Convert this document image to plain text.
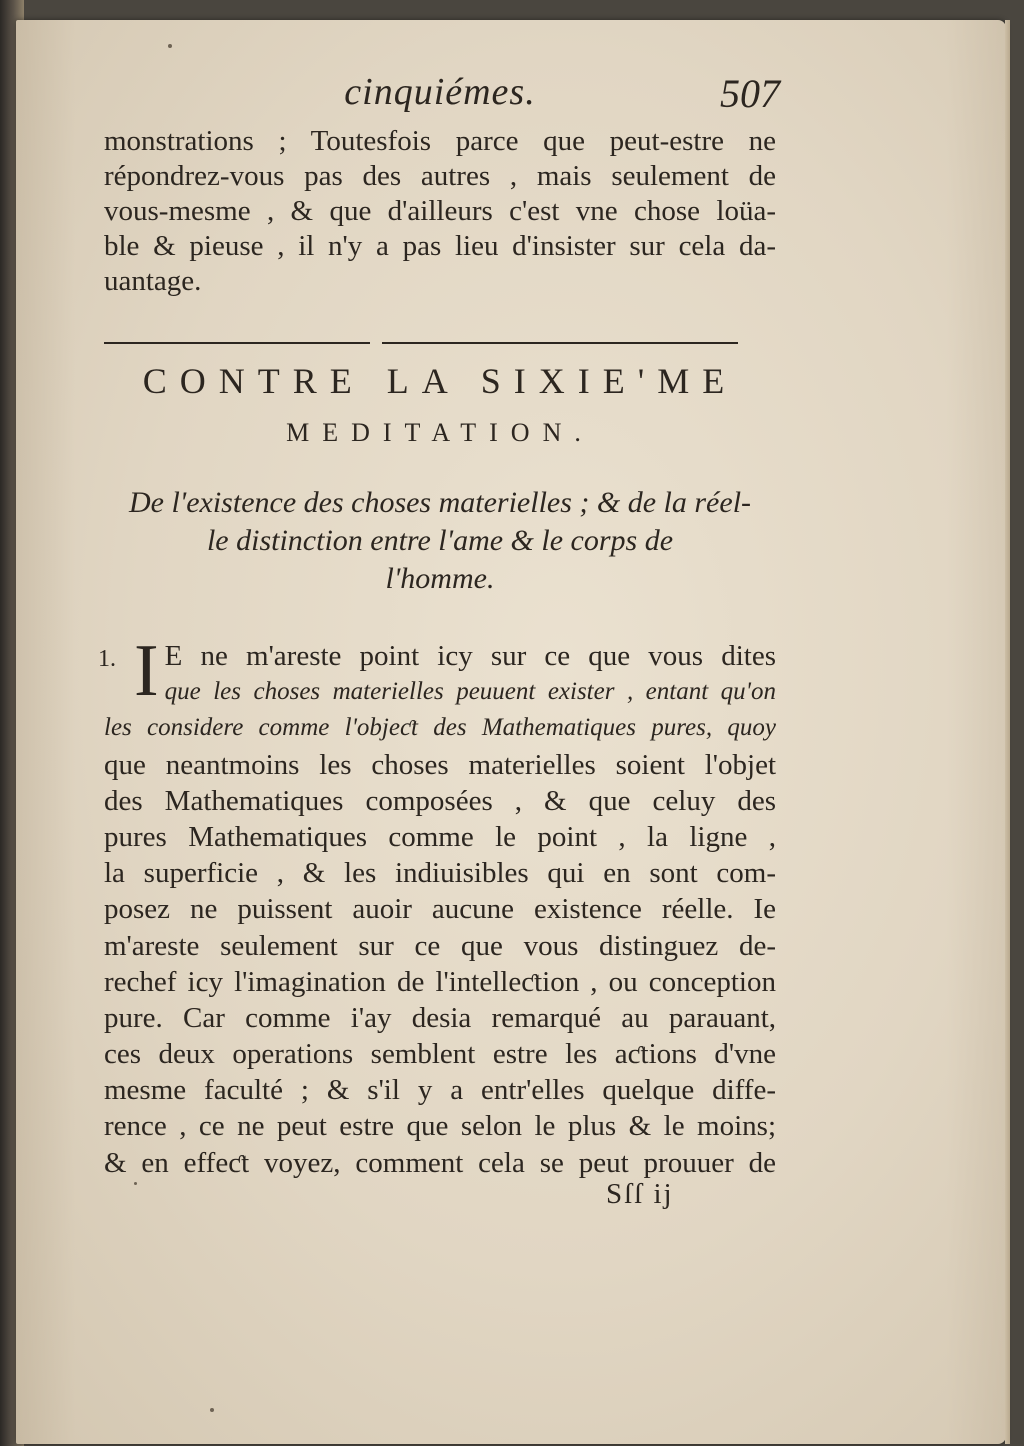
cinquiémes.	507
monstrations ; Toutesfois parce que peut-estre ne
répondrez-vous pas des autres , mais seulement de
vous-mesme , & que d'ailleurs c'est vne chose loüa-
ble & pieuse , il n'y a pas lieu d'insister sur cela da-
uantage.
CONTRE LA SIXIE'ME
MEDITATION.
De l'existence des choses materielles ; & de la réel-
le distinction entre l'ame & le corps de
l'homme.
1. I E ne m'areste point icy sur ce que vous dites
que les choses materielles peuuent exister , entant qu'on
les considere comme l'objeƈt des Mathematiques pures, quoy
que neantmoins les choses materielles soient l'objet
des Mathematiques composées , & que celuy des
pures Mathematiques comme le point , la ligne ,
la superficie , & les indiuisibles qui en sont com-
posez ne puissent auoir aucune existence réelle. Ie
m'areste seulement sur ce que vous distinguez de-
rechef icy l'imagination de l'intelleƈtion , ou conception
pure. Car comme i'ay desia remarqué au parauant,
ces deux operations semblent estre les aƈtions d'vne
mesme faculté ; & s'il y a entr'elles quelque diffe-
rence , ce ne peut estre que selon le plus & le moins;
& en effeƈt voyez, comment cela se peut prouuer de
Sſſ ij
